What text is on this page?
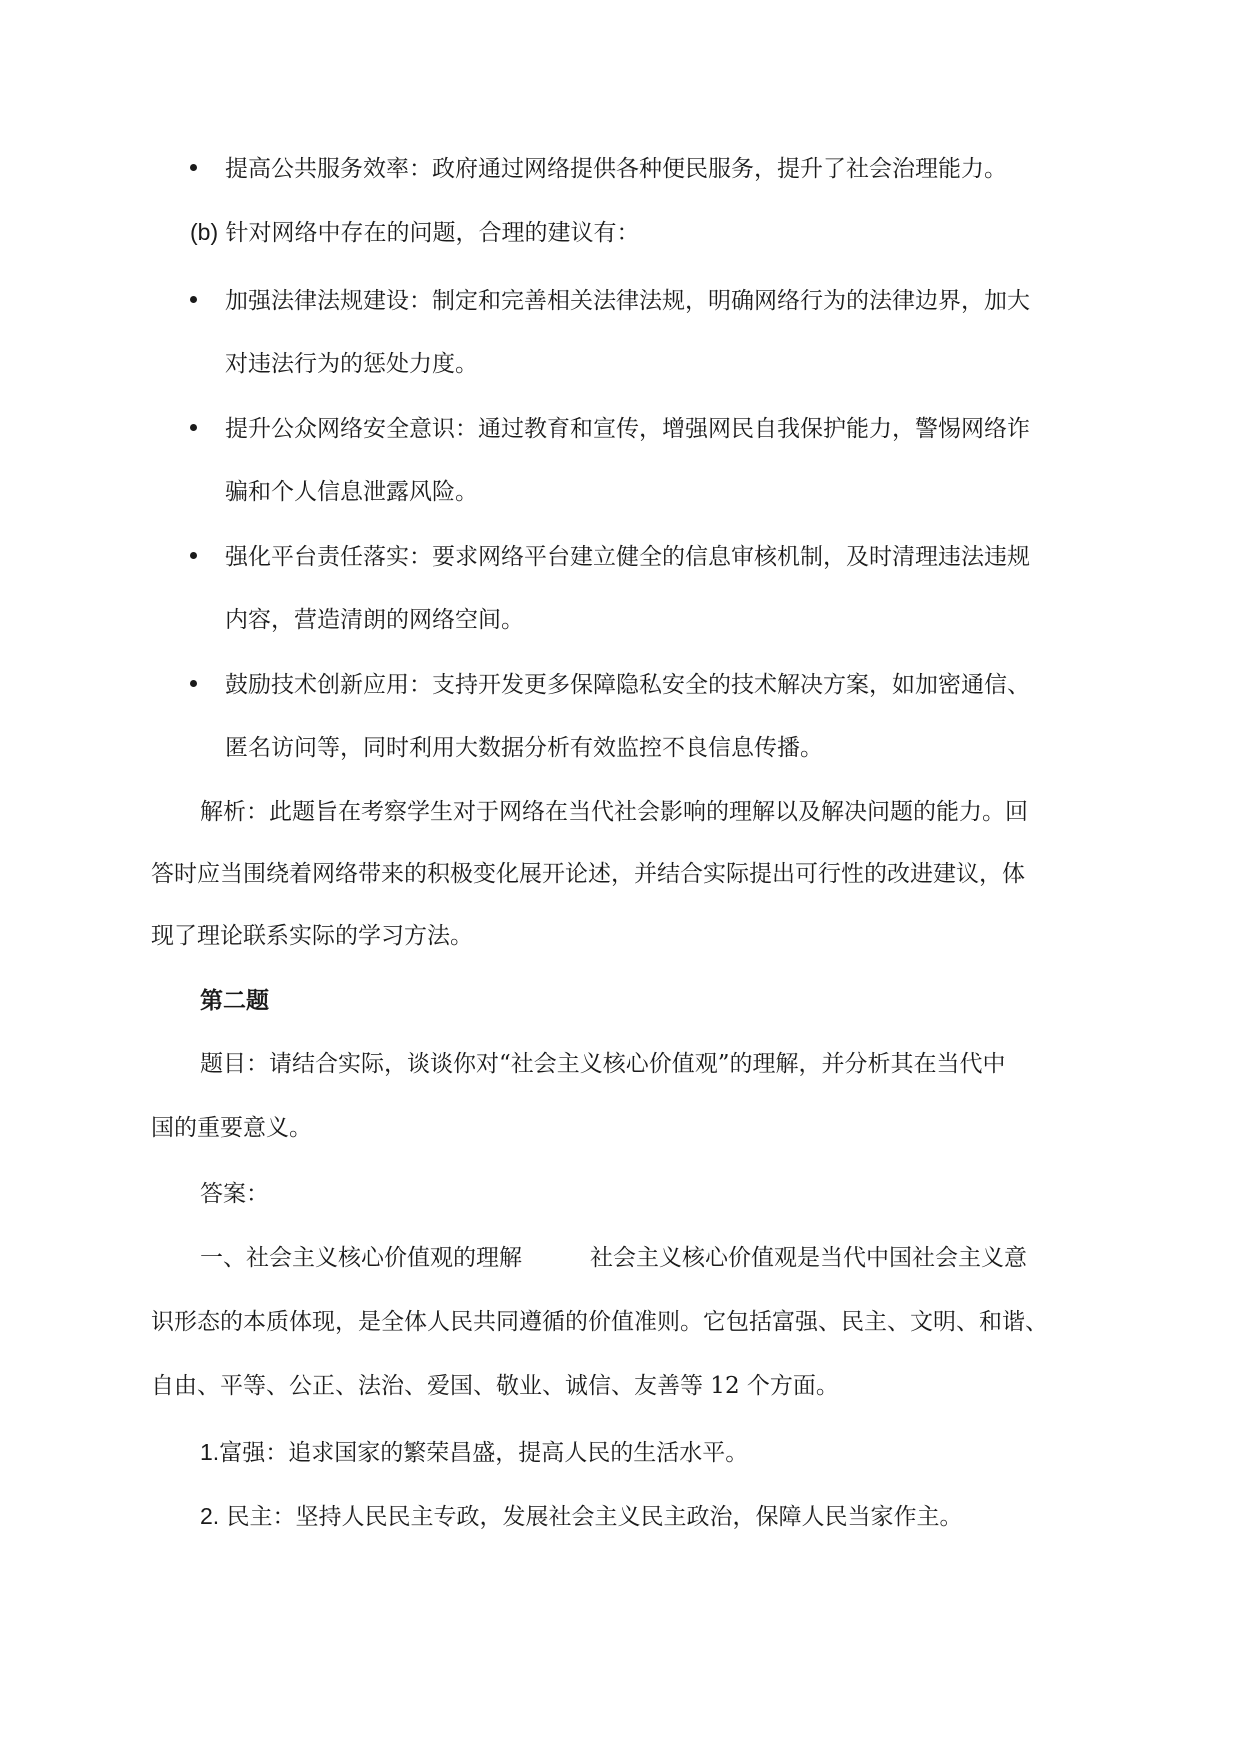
提高公共服务效率：政府通过网络提供各种便民服务，提升了社会治理能力。
(b) 针对网络中存在的问题，合理的建议有：
加强法律法规建设：制定和完善相关法律法规，明确网络行为的法律边界，加大
对违法行为的惩处力度。
提升公众网络安全意识：通过教育和宣传，增强网民自我保护能力，警惕网络诈
骗和个人信息泄露风险。
强化平台责任落实：要求网络平台建立健全的信息审核机制，及时清理违法违规
内容，营造清朗的网络空间。
鼓励技术创新应用：支持开发更多保障隐私安全的技术解决方案，如加密通信、
匿名访问等，同时利用大数据分析有效监控不良信息传播。
解析：此题旨在考察学生对于网络在当代社会影响的理解以及解决问题的能力。回
答时应当围绕着网络带来的积极变化展开论述，并结合实际提出可行性的改进建议，体
现了理论联系实际的学习方法。
第二题
题目：请结合实际，谈谈你对“社会主义核心价值观”的理解，并分析其在当代中
国的重要意义。
答案：
一、社会主义核心价值观的理解	社会主义核心价值观是当代中国社会主义意
识形态的本质体现，是全体人民共同遵循的价值准则。它包括富强、民主、文明、和谐、
自由、平等、公正、法治、爱国、敬业、诚信、友善等 12 个方面。
1.富强：追求国家的繁荣昌盛，提高人民的生活水平。
2. 民主：坚持人民民主专政，发展社会主义民主政治，保障人民当家作主。
